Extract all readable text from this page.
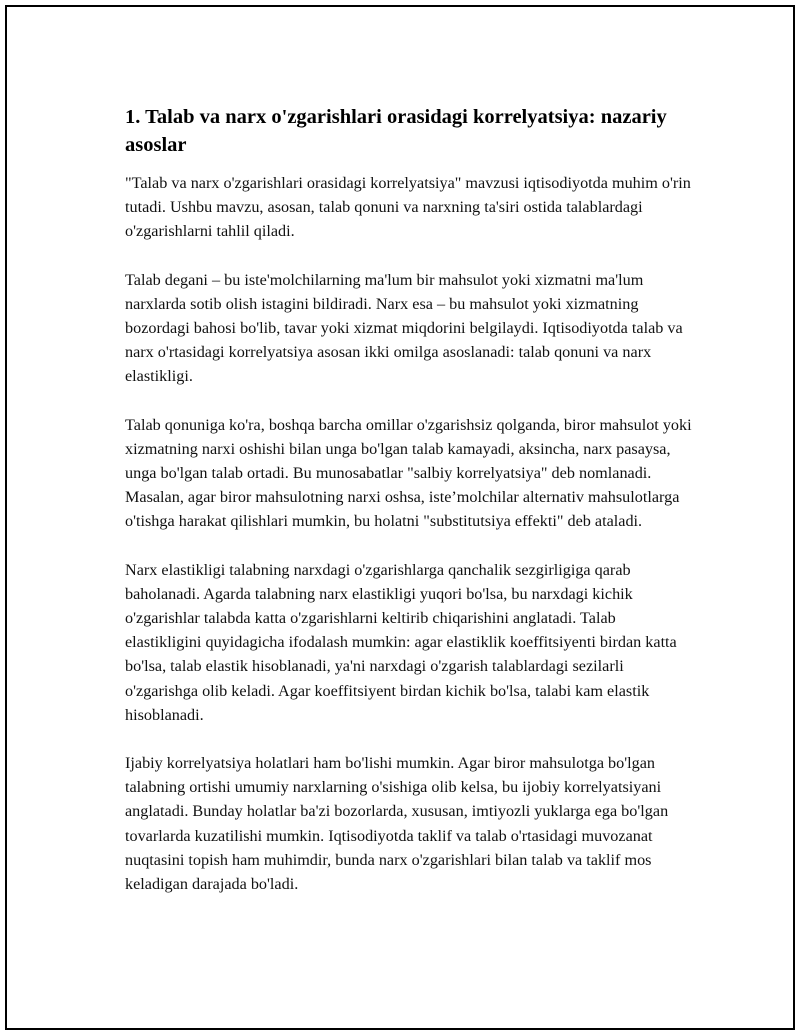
1. Talab va narx o'zgarishlari orasidagi korrelyatsiya: nazariy asoslar

"Talab va narx o'zgarishlari orasidagi korrelyatsiya" mavzusi iqtisodiyotda muhim o'rin tutadi. Ushbu mavzu, asosan, talab qonuni va narxning ta'siri ostida talablardagi o'zgarishlarni tahlil qiladi.

Talab degani – bu iste'molchilarning ma'lum bir mahsulot yoki xizmatni ma'lum narxlarda sotib olish istagini bildiradi. Narx esa – bu mahsulot yoki xizmatning bozordagi bahosi bo'lib, tavar yoki xizmat miqdorini belgilaydi. Iqtisodiyotda talab va narx o'rtasidagi korrelyatsiya asosan ikki omilga asoslanadi: talab qonuni va narx elastikligi.

Talab qonuniga ko'ra, boshqa barcha omillar o'zgarishsiz qolganda, biror mahsulot yoki xizmatning narxi oshishi bilan unga bo'lgan talab kamayadi, aksincha, narx pasaysa, unga bo'lgan talab ortadi. Bu munosabatlar "salbiy korrelyatsiya" deb nomlanadi. Masalan, agar biror mahsulotning narxi oshsa, iste’molchilar alternativ mahsulotlarga o'tishga harakat qilishlari mumkin, bu holatni "substitutsiya effekti" deb ataladi.

Narx elastikligi talabning narxdagi o'zgarishlarga qanchalik sezgirligiga qarab baholanadi. Agarda talabning narx elastikligi yuqori bo'lsa, bu narxdagi kichik o'zgarishlar talabda katta o'zgarishlarni keltirib chiqarishini anglatadi. Talab elastikligini quyidagicha ifodalash mumkin: agar elastiklik koeffitsiyenti birdan katta bo'lsa, talab elastik hisoblanadi, ya'ni narxdagi o'zgarish talablardagi sezilarli o'zgarishga olib keladi. Agar koeffitsiyent birdan kichik bo'lsa, talabi kam elastik hisoblanadi.

Ijabiy korrelyatsiya holatlari ham bo'lishi mumkin. Agar biror mahsulotga bo'lgan talabning ortishi umumiy narxlarning o'sishiga olib kelsa, bu ijobiy korrelyatsiyani anglatadi. Bunday holatlar ba'zi bozorlarda, xususan, imtiyozli yuklarga ega bo'lgan tovarlarda kuzatilishi mumkin. Iqtisodiyotda taklif va talab o'rtasidagi muvozanat nuqtasini topish ham muhimdir, bunda narx o'zgarishlari bilan talab va taklif mos keladigan darajada bo'ladi.
